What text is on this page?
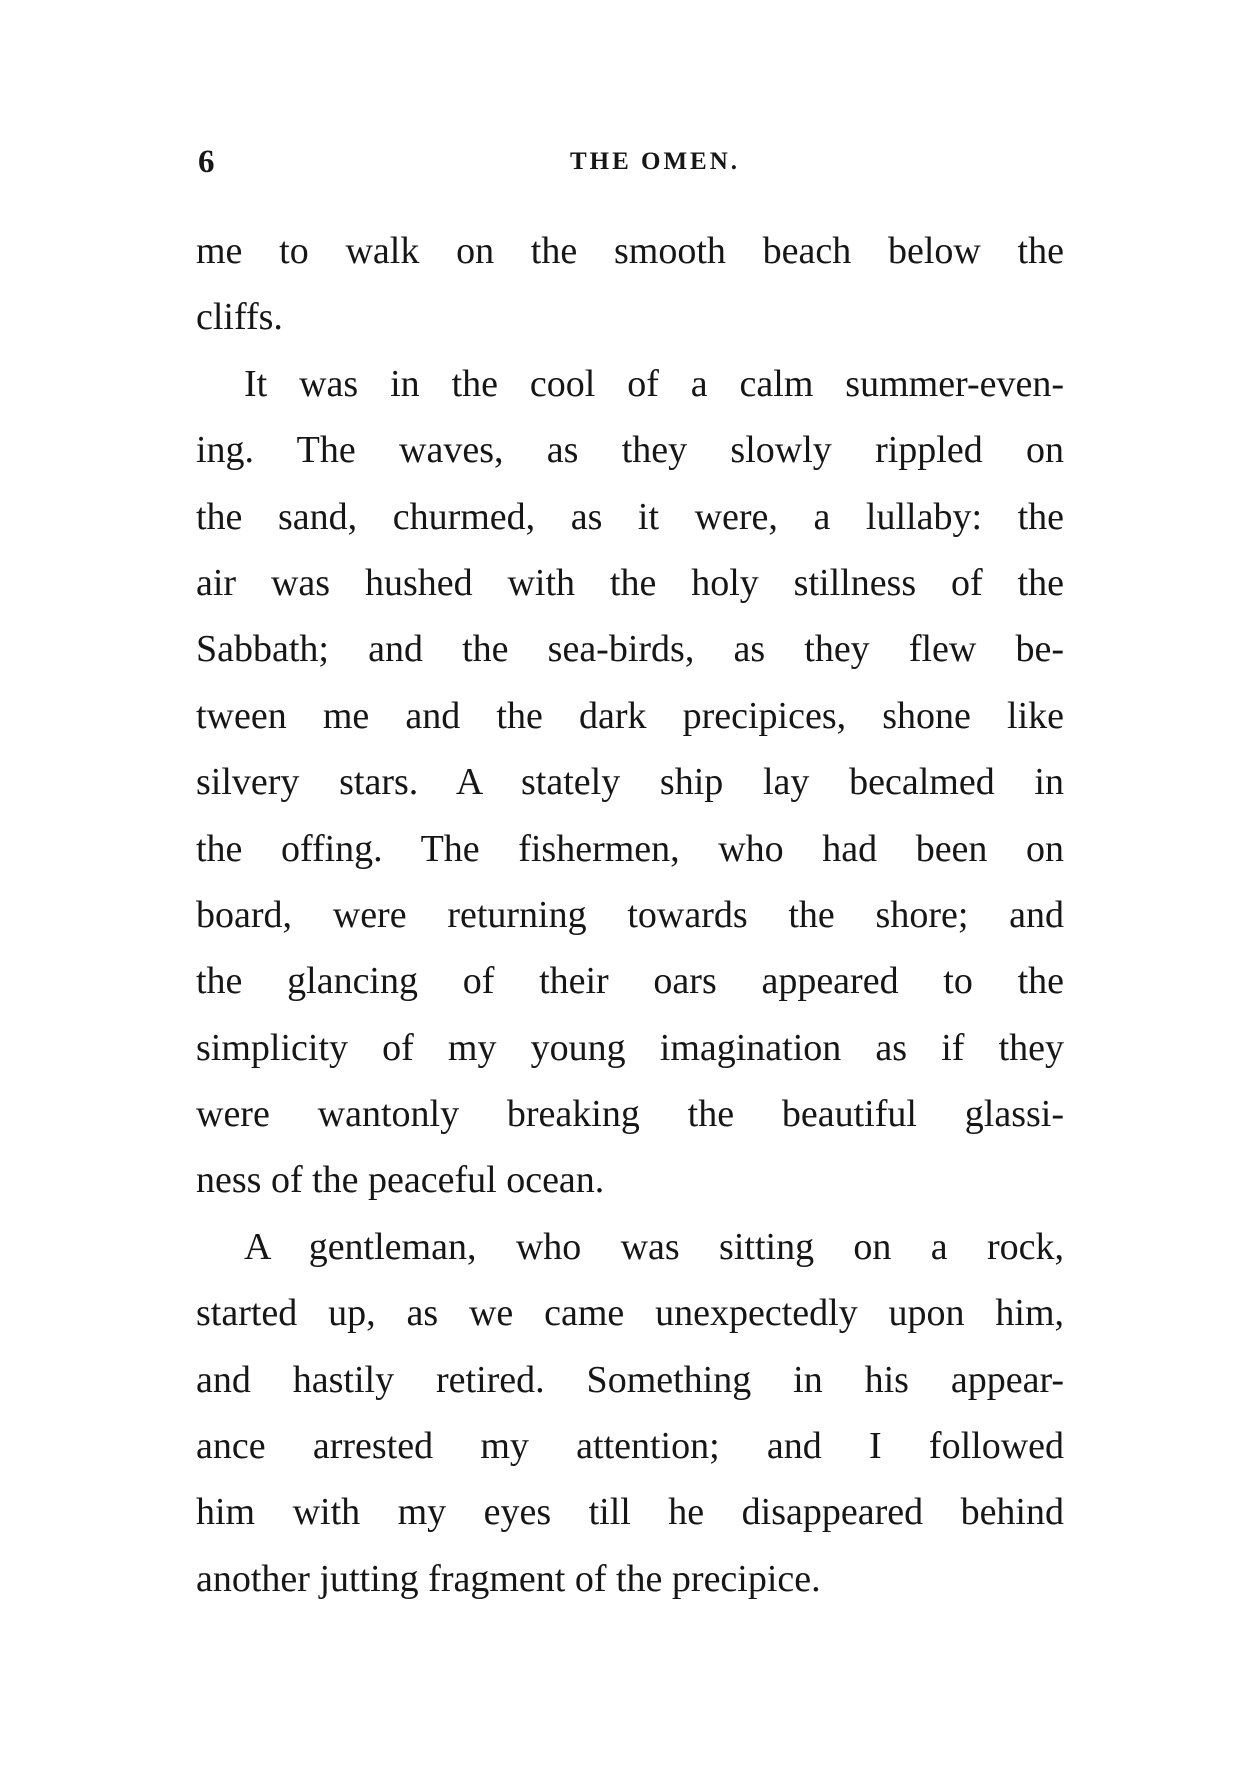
6	THE OMEN.
me to walk on the smooth beach below the
cliffs.
It was in the cool of a calm summer-even-
ing. The waves, as they slowly rippled on
the sand, churmed, as it were, a lullaby: the
air was hushed with the holy stillness of the
Sabbath; and the sea-birds, as they flew be-
tween me and the dark precipices, shone like
silvery stars. A stately ship lay becalmed in
the offing. The fishermen, who had been on
board, were returning towards the shore; and
the glancing of their oars appeared to the
simplicity of my young imagination as if they
were wantonly breaking the beautiful glassi-
ness of the peaceful ocean.
A gentleman, who was sitting on a rock,
started up, as we came unexpectedly upon him,
and hastily retired. Something in his appear-
ance arrested my attention; and I followed
him with my eyes till he disappeared behind
another jutting fragment of the precipice.
